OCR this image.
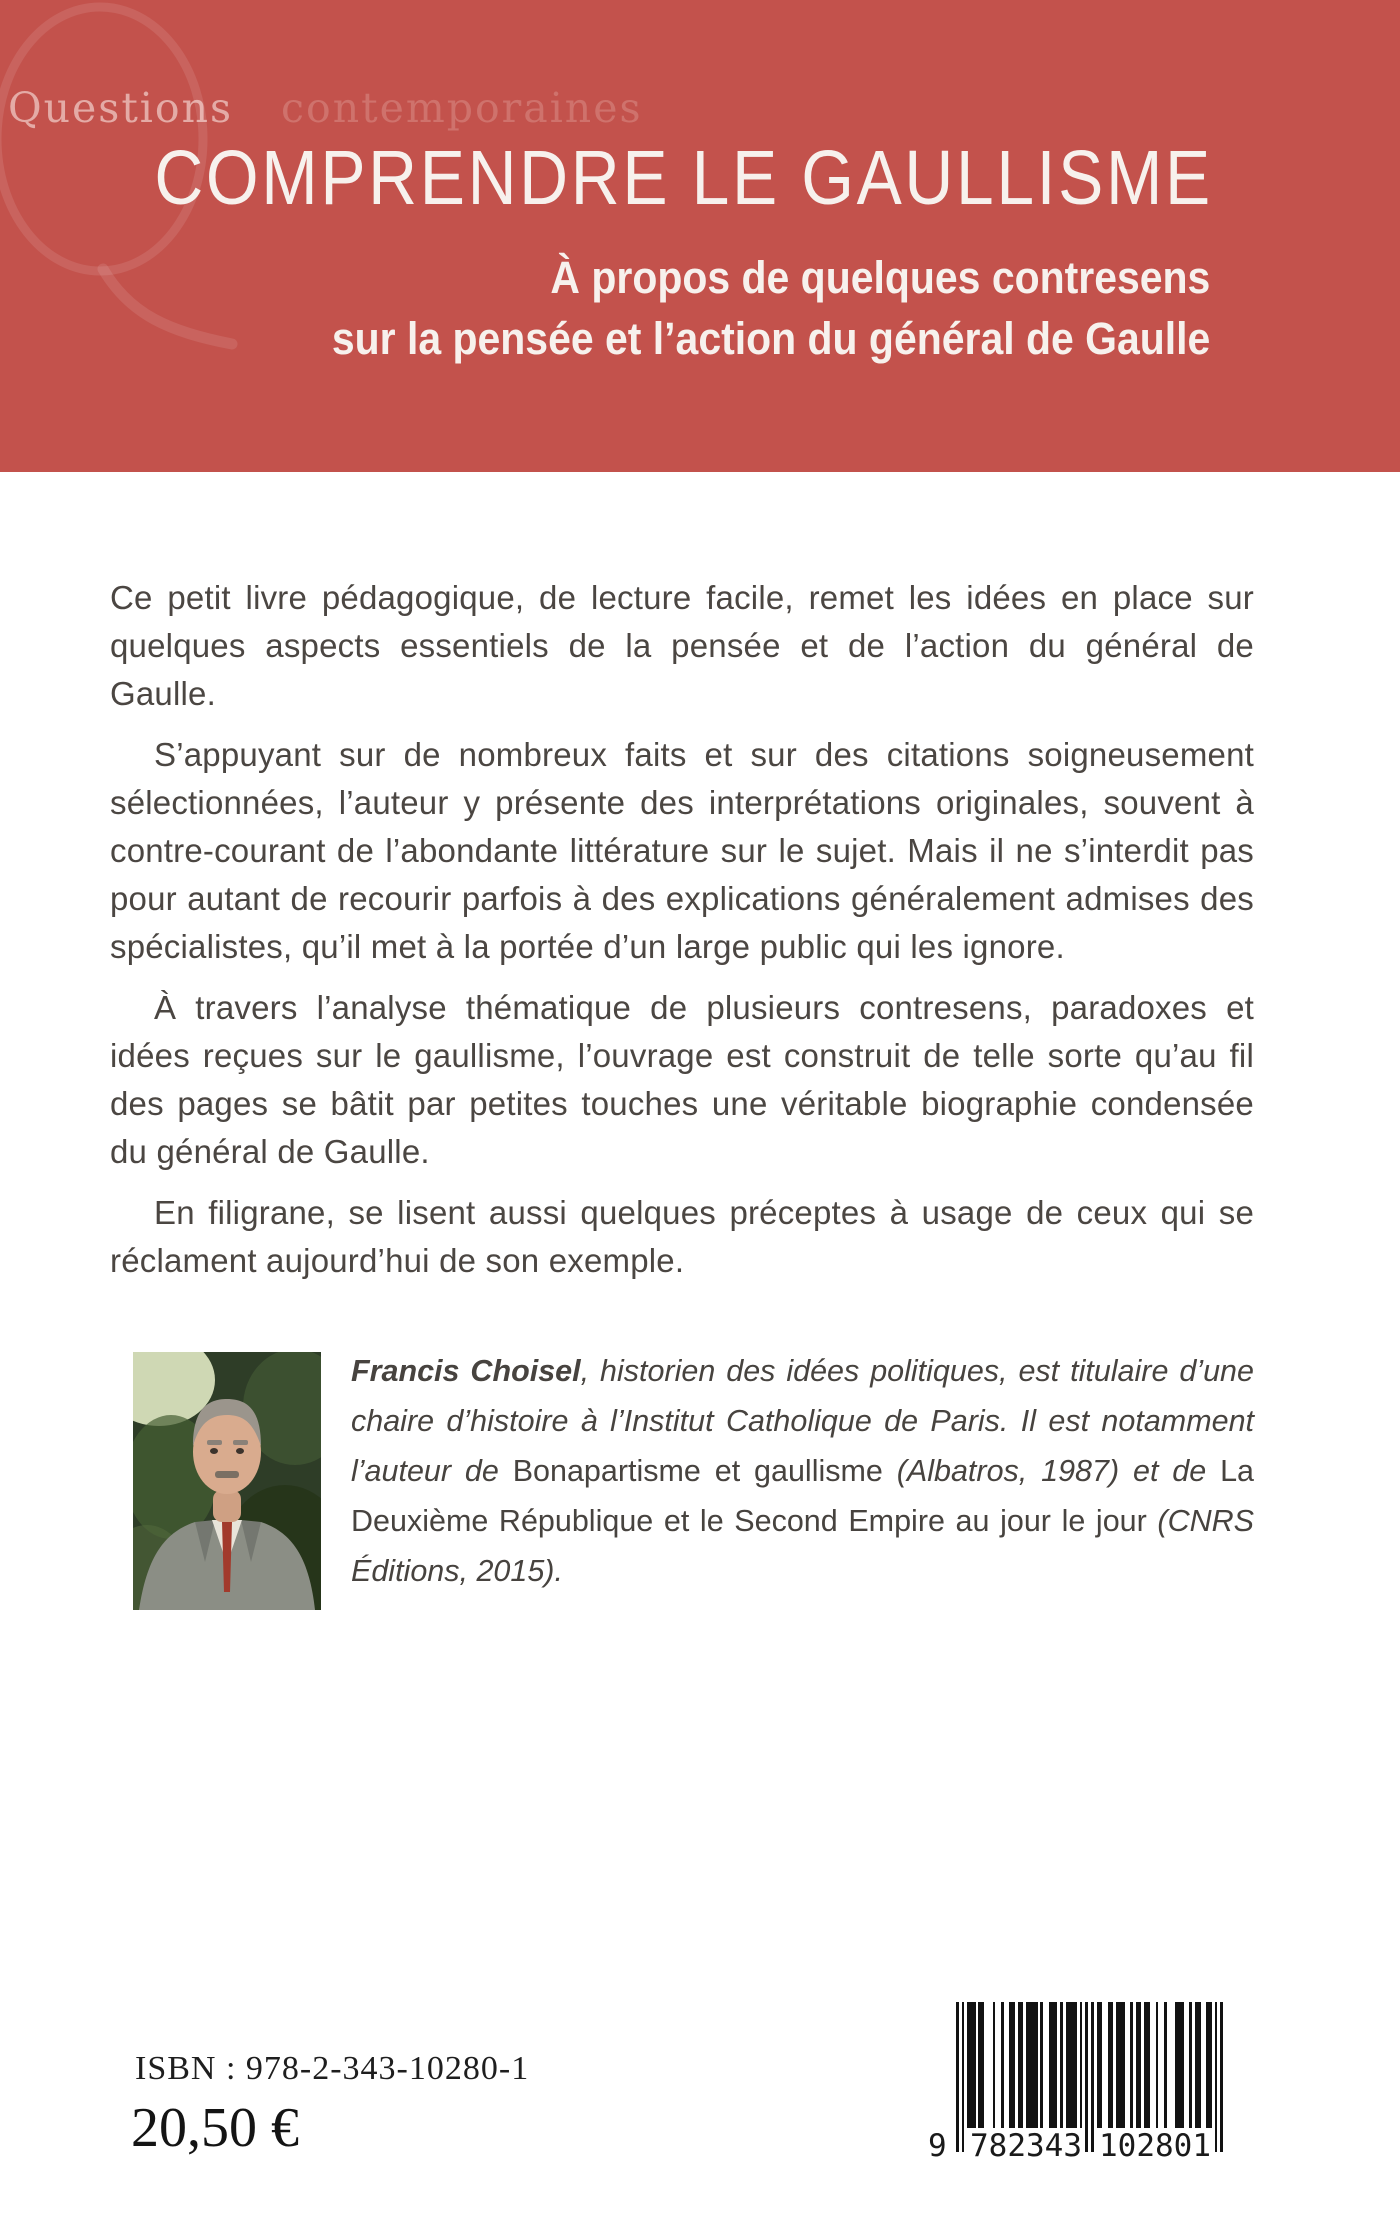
Questions contemporaines
COMPRENDRE LE GAULLISME
À propos de quelques contresens
sur la pensée et l’action du général de Gaulle

Ce petit livre pédagogique, de lecture facile, remet les idées en place sur quelques aspects essentiels de la pensée et de l’action du général de Gaulle.

S’appuyant sur de nombreux faits et sur des citations soigneusement sélectionnées, l’auteur y présente des interprétations originales, souvent à contre-courant de l’abondante littérature sur le sujet. Mais il ne s’interdit pas pour autant de recourir parfois à des explications généralement admises des spécialistes, qu’il met à la portée d’un large public qui les ignore.

À travers l’analyse thématique de plusieurs contresens, paradoxes et idées reçues sur le gaullisme, l’ouvrage est construit de telle sorte qu’au fil des pages se bâtit par petites touches une véritable biographie condensée du général de Gaulle.

En filigrane, se lisent aussi quelques préceptes à usage de ceux qui se réclament aujourd’hui de son exemple.

Francis Choisel, historien des idées politiques, est titulaire d’une chaire d’histoire à l’Institut Catholique de Paris. Il est notamment l’auteur de Bonapartisme et gaullisme (Albatros, 1987) et de La Deuxième République et le Second Empire au jour le jour (CNRS Éditions, 2015).

ISBN : 978-2-343-10280-1
20,50 €	9 782343 102801
